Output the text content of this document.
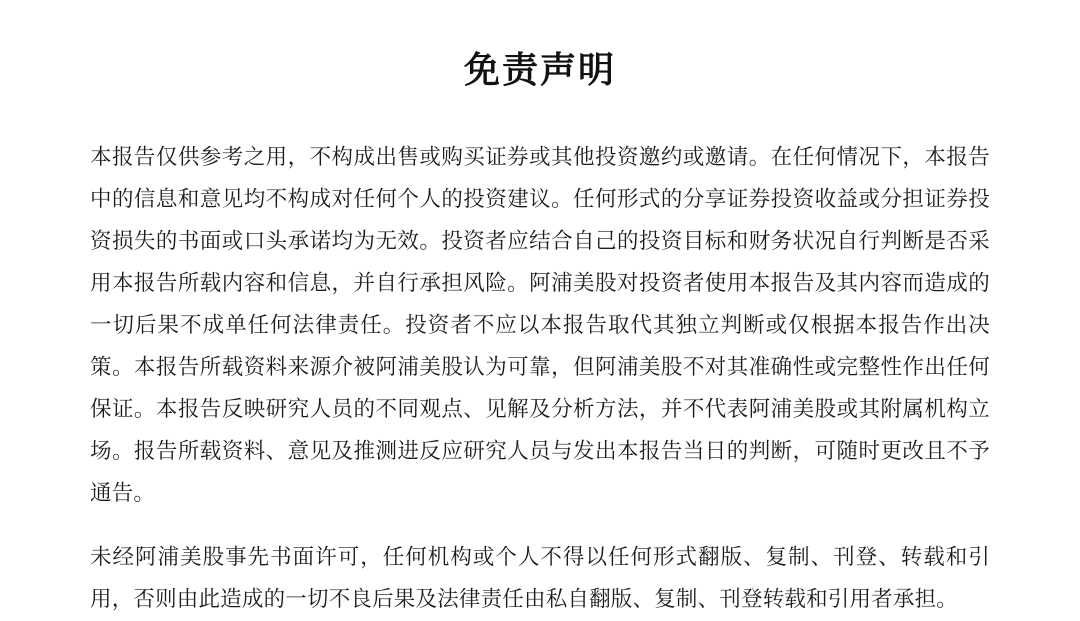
免责声明

本报告仅供参考之用，不构成出售或购买证券或其他投资邀约或邀请。在任何情况下，本报告中的信息和意见均不构成对任何个人的投资建议。任何形式的分享证券投资收益或分担证券投资损失的书面或口头承诺均为无效。投资者应结合自己的投资目标和财务状况自行判断是否采用本报告所载内容和信息，并自行承担风险。阿浦美股对投资者使用本报告及其内容而造成的一切后果不成单任何法律责任。投资者不应以本报告取代其独立判断或仅根据本报告作出决策。本报告所载资料来源介被阿浦美股认为可靠，但阿浦美股不对其准确性或完整性作出任何保证。本报告反映研究人员的不同观点、见解及分析方法，并不代表阿浦美股或其附属机构立场。报告所载资料、意见及推测进反应研究人员与发出本报告当日的判断，可随时更改且不予通告。

未经阿浦美股事先书面许可，任何机构或个人不得以任何形式翻版、复制、刊登、转载和引用，否则由此造成的一切不良后果及法律责任由私自翻版、复制、刊登转载和引用者承担。
